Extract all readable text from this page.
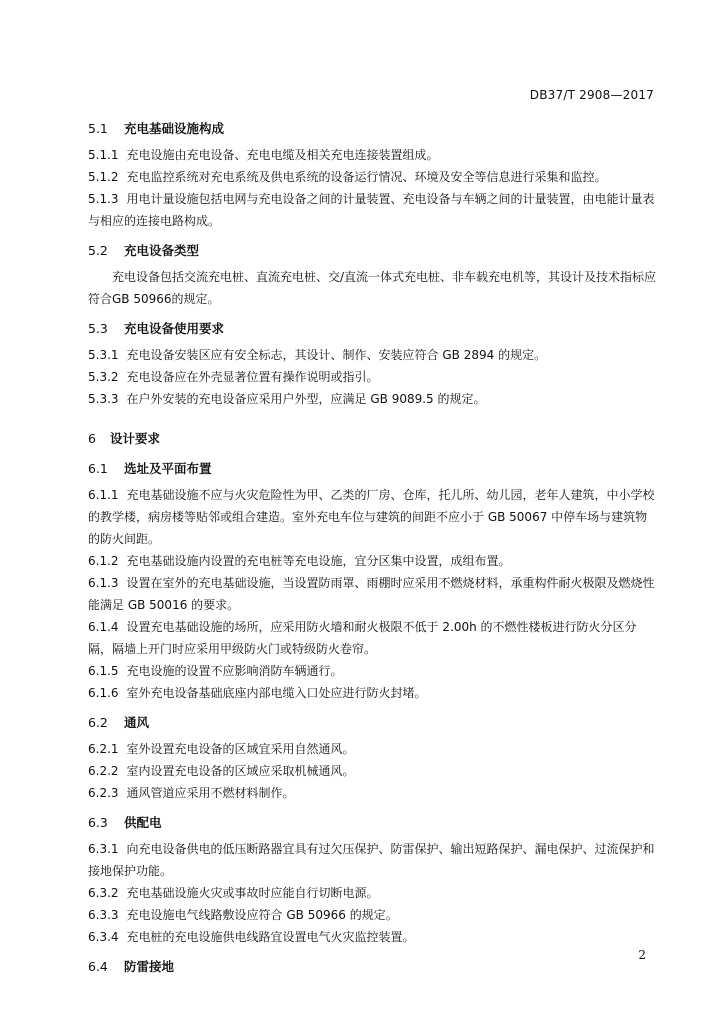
DB37/T 2908—2017

5.1 充电基础设施构成

5.1.1 充电设施由充电设备、充电电缆及相关充电连接装置组成。

5.1.2 充电监控系统对充电系统及供电系统的设备运行情况、环境及安全等信息进行采集和监控。

5.1.3 用电计量设施包括电网与充电设备之间的计量装置、充电设备与车辆之间的计量装置，由电能计量表与相应的连接电路构成。

5.2 充电设备类型

充电设备包括交流充电桩、直流充电桩、交/直流一体式充电桩、非车载充电机等，其设计及技术指标应符合GB 50966的规定。

5.3 充电设备使用要求

5.3.1 充电设备安装区应有安全标志，其设计、制作、安装应符合 GB 2894 的规定。

5.3.2 充电设备应在外壳显著位置有操作说明或指引。

5.3.3 在户外安装的充电设备应采用户外型，应满足 GB 9089.5 的规定。

6 设计要求

6.1 选址及平面布置

6.1.1 充电基础设施不应与火灾危险性为甲、乙类的厂房、仓库，托儿所、幼儿园，老年人建筑，中小学校的教学楼，病房楼等贴邻或组合建造。室外充电车位与建筑的间距不应小于 GB 50067 中停车场与建筑物的防火间距。

6.1.2 充电基础设施内设置的充电桩等充电设施，宜分区集中设置，成组布置。

6.1.3 设置在室外的充电基础设施，当设置防雨罩、雨棚时应采用不燃烧材料，承重构件耐火极限及燃烧性能满足 GB 50016 的要求。

6.1.4 设置充电基础设施的场所，应采用防火墙和耐火极限不低于 2.00h 的不燃性楼板进行防火分区分隔，隔墙上开门时应采用甲级防火门或特级防火卷帘。

6.1.5 充电设施的设置不应影响消防车辆通行。

6.1.6 室外充电设备基础底座内部电缆入口处应进行防火封堵。

6.2 通风

6.2.1 室外设置充电设备的区域宜采用自然通风。

6.2.2 室内设置充电设备的区域应采取机械通风。

6.2.3 通风管道应采用不燃材料制作。

6.3 供配电

6.3.1 向充电设备供电的低压断路器宜具有过欠压保护、防雷保护、输出短路保护、漏电保护、过流保护和接地保护功能。

6.3.2 充电基础设施火灾或事故时应能自行切断电源。

6.3.3 充电设施电气线路敷设应符合 GB 50966 的规定。

6.3.4 充电桩的充电设施供电线路宜设置电气火灾监控装置。

6.4 防雷接地

2
